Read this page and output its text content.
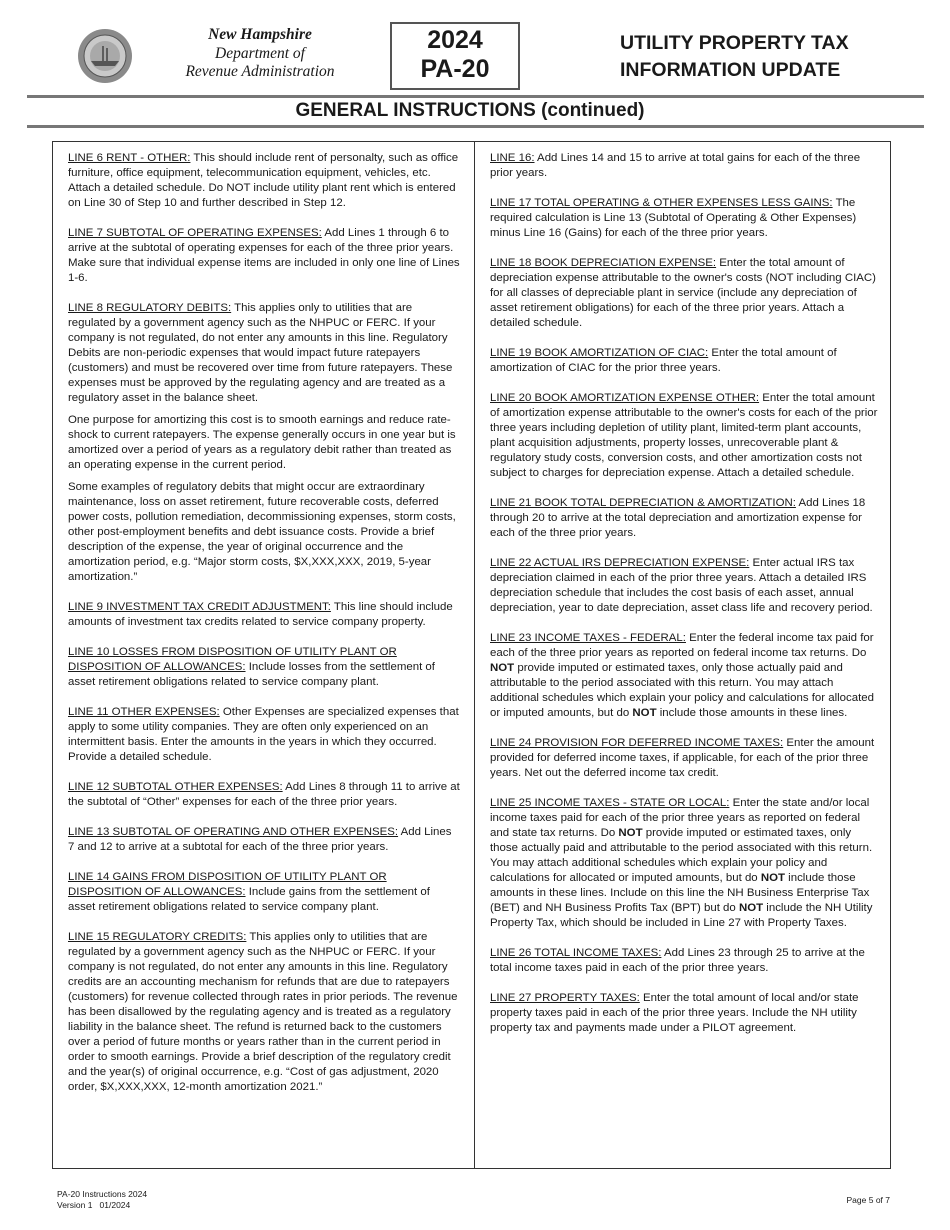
New Hampshire
Department of
Revenue Administration
2024
PA-20
UTILITY PROPERTY TAX
INFORMATION UPDATE
GENERAL INSTRUCTIONS (continued)

LINE 6 RENT - OTHER: This should include rent of personalty, such as office furniture, office equipment, telecommunication equipment, vehicles, etc. Attach a detailed schedule. Do NOT include utility plant rent which is entered on Line 30 of Step 10 and further described in Step 12.

LINE 7 SUBTOTAL OF OPERATING EXPENSES: Add Lines 1 through 6 to arrive at the subtotal of operating expenses for each of the three prior years. Make sure that individual expense items are included in only one line of Lines 1-6.

LINE 8 REGULATORY DEBITS: This applies only to utilities that are regulated by a government agency such as the NHPUC or FERC. If your company is not regulated, do not enter any amounts in this line. Regulatory Debits are non-periodic expenses that would impact future ratepayers (customers) and must be recovered over time from future ratepayers. These expenses must be approved by the regulating agency and are treated as a regulatory asset in the balance sheet.

One purpose for amortizing this cost is to smooth earnings and reduce rate-shock to current ratepayers. The expense generally occurs in one year but is amortized over a period of years as a regulatory debit rather than treated as an operating expense in the current period.

Some examples of regulatory debits that might occur are extraordinary maintenance, loss on asset retirement, future recoverable costs, deferred power costs, pollution remediation, decommissioning expenses, storm costs, other post-employment benefits and debt issuance costs. Provide a brief description of the expense, the year of original occurrence and the amortization period, e.g. “Major storm costs, $X,XXX,XXX, 2019, 5-year amortization.”

LINE 9 INVESTMENT TAX CREDIT ADJUSTMENT: This line should include amounts of investment tax credits related to service company property.

LINE 10 LOSSES FROM DISPOSITION OF UTILITY PLANT OR DISPOSITION OF ALLOWANCES: Include losses from the settlement of asset retirement obligations related to service company plant.

LINE 11 OTHER EXPENSES: Other Expenses are specialized expenses that apply to some utility companies. They are often only experienced on an intermittent basis. Enter the amounts in the years in which they occurred. Provide a detailed schedule.

LINE 12 SUBTOTAL OTHER EXPENSES: Add Lines 8 through 11 to arrive at the subtotal of “Other” expenses for each of the three prior years.

LINE 13 SUBTOTAL OF OPERATING AND OTHER EXPENSES: Add Lines 7 and 12 to arrive at a subtotal for each of the three prior years.

LINE 14 GAINS FROM DISPOSITION OF UTILITY PLANT OR DISPOSITION OF ALLOWANCES: Include gains from the settlement of asset retirement obligations related to service company plant.

LINE 15 REGULATORY CREDITS: This applies only to utilities that are regulated by a government agency such as the NHPUC or FERC. If your company is not regulated, do not enter any amounts in this line. Regulatory credits are an accounting mechanism for refunds that are due to ratepayers (customers) for revenue collected through rates in prior periods. The revenue has been disallowed by the regulating agency and is treated as a regulatory liability in the balance sheet. The refund is returned back to the customers over a period of future months or years rather than in the current period in order to smooth earnings. Provide a brief description of the regulatory credit and the year(s) of original occurrence, e.g. “Cost of gas adjustment, 2020 order, $X,XXX,XXX, 12-month amortization 2021.”

LINE 16: Add Lines 14 and 15 to arrive at total gains for each of the three prior years.

LINE 17 TOTAL OPERATING & OTHER EXPENSES LESS GAINS: The required calculation is Line 13 (Subtotal of Operating & Other Expenses) minus Line 16 (Gains) for each of the three prior years.

LINE 18 BOOK DEPRECIATION EXPENSE: Enter the total amount of depreciation expense attributable to the owner's costs (NOT including CIAC) for all classes of depreciable plant in service (include any depreciation of asset retirement obligations) for each of the three prior years. Attach a detailed schedule.

LINE 19 BOOK AMORTIZATION OF CIAC: Enter the total amount of amortization of CIAC for the prior three years.

LINE 20 BOOK AMORTIZATION EXPENSE OTHER: Enter the total amount of amortization expense attributable to the owner's costs for each of the prior three years including depletion of utility plant, limited-term plant accounts, plant acquisition adjustments, property losses, unrecoverable plant & regulatory study costs, conversion costs, and other amortization costs not subject to charges for depreciation expense. Attach a detailed schedule.

LINE 21 BOOK TOTAL DEPRECIATION & AMORTIZATION: Add Lines 18 through 20 to arrive at the total depreciation and amortization expense for each of the three prior years.

LINE 22 ACTUAL IRS DEPRECIATION EXPENSE: Enter actual IRS tax depreciation claimed in each of the prior three years. Attach a detailed IRS depreciation schedule that includes the cost basis of each asset, annual depreciation, year to date depreciation, asset class life and recovery period.

LINE 23 INCOME TAXES - FEDERAL: Enter the federal income tax paid for each of the three prior years as reported on federal income tax returns. Do NOT provide imputed or estimated taxes, only those actually paid and attributable to the period associated with this return. You may attach additional schedules which explain your policy and calculations for allocated or imputed amounts, but do NOT include those amounts in these lines.

LINE 24 PROVISION FOR DEFERRED INCOME TAXES: Enter the amount provided for deferred income taxes, if applicable, for each of the prior three years. Net out the deferred income tax credit.

LINE 25 INCOME TAXES - STATE OR LOCAL: Enter the state and/or local income taxes paid for each of the prior three years as reported on federal and state tax returns. Do NOT provide imputed or estimated taxes, only those actually paid and attributable to the period associated with this return. You may attach additional schedules which explain your policy and calculations for allocated or imputed amounts, but do NOT include those amounts in these lines. Include on this line the NH Business Enterprise Tax (BET) and NH Business Profits Tax (BPT) but do NOT include the NH Utility Property Tax, which should be included in Line 27 with Property Taxes.

LINE 26 TOTAL INCOME TAXES: Add Lines 23 through 25 to arrive at the total income taxes paid in each of the prior three years.

LINE 27 PROPERTY TAXES: Enter the total amount of local and/or state property taxes paid in each of the prior three years. Include the NH utility property tax and payments made under a PILOT agreement.

PA-20 Instructions 2024
Version 1   01/2024	Page 5 of 7
